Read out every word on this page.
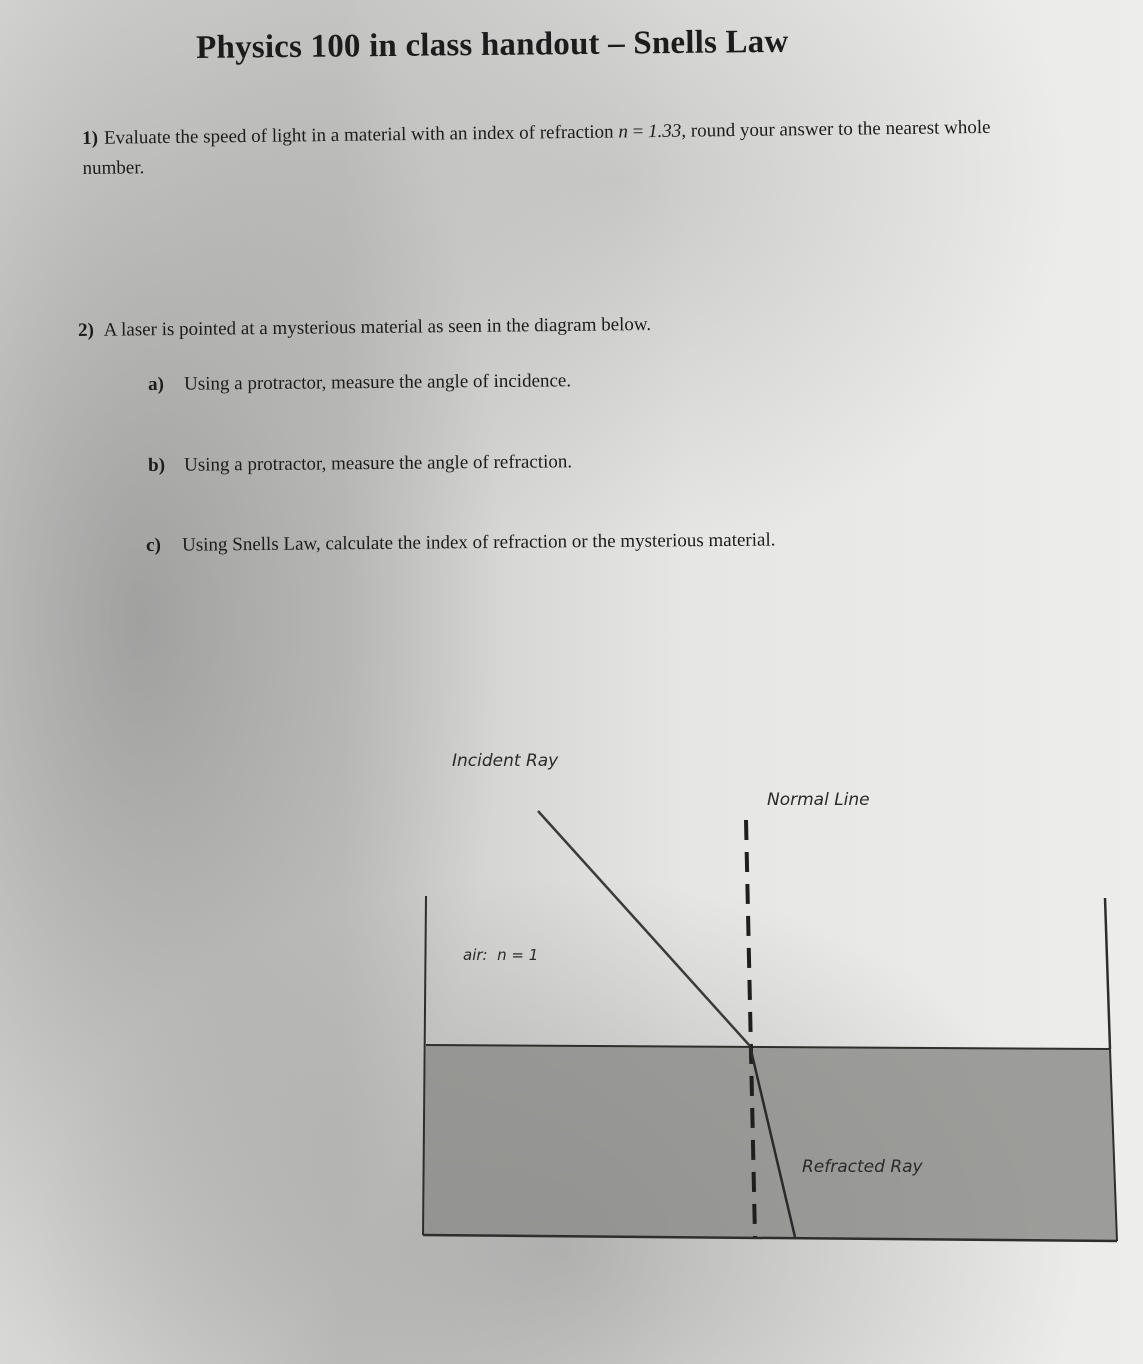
Physics 100 in class handout – Snells Law
1) Evaluate the speed of light in a material with an index of refraction n = 1.33, round your answer to the nearest whole number.
2) A laser is pointed at a mysterious material as seen in the diagram below.
a) Using a protractor, measure the angle of incidence.
b) Using a protractor, measure the angle of refraction.
c) Using Snells Law, calculate the index of refraction or the mysterious material.
Incident Ray
Normal Line
air:  n = 1
Refracted Ray
